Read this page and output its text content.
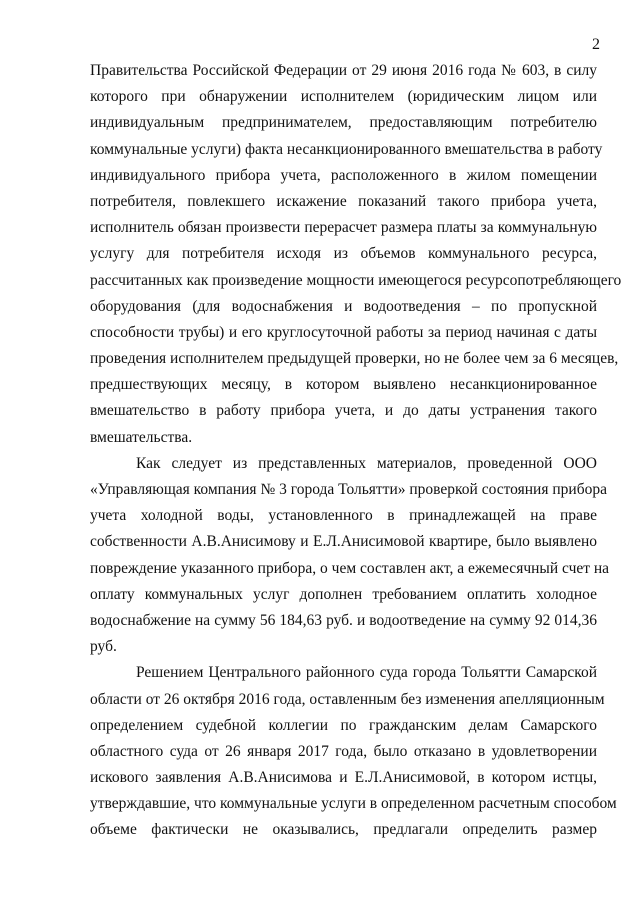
2
Правительства Российской Федерации от 29 июня 2016 года № 603, в силу
которого при обнаружении исполнителем (юридическим лицом или
индивидуальным предпринимателем, предоставляющим потребителю
коммунальные услуги) факта несанкционированного вмешательства в работу
индивидуального прибора учета, расположенного в жилом помещении
потребителя, повлекшего искажение показаний такого прибора учета,
исполнитель обязан произвести перерасчет размера платы за коммунальную
услугу для потребителя исходя из объемов коммунального ресурса,
рассчитанных как произведение мощности имеющегося ресурсопотребляющего
оборудования (для водоснабжения и водоотведения – по пропускной
способности трубы) и его круглосуточной работы за период начиная с даты
проведения исполнителем предыдущей проверки, но не более чем за 6 месяцев,
предшествующих месяцу, в котором выявлено несанкционированное
вмешательство в работу прибора учета, и до даты устранения такого
вмешательства.
Как следует из представленных материалов, проведенной ООО
«Управляющая компания № 3 города Тольятти» проверкой состояния прибора
учета холодной воды, установленного в принадлежащей на праве
собственности А.В.Анисимову и Е.Л.Анисимовой квартире, было выявлено
повреждение указанного прибора, о чем составлен акт, а ежемесячный счет на
оплату коммунальных услуг дополнен требованием оплатить холодное
водоснабжение на сумму 56 184,63 руб. и водоотведение на сумму 92 014,36
руб.
Решением Центрального районного суда города Тольятти Самарской
области от 26 октября 2016 года, оставленным без изменения апелляционным
определением судебной коллегии по гражданским делам Самарского
областного суда от 26 января 2017 года, было отказано в удовлетворении
искового заявления А.В.Анисимова и Е.Л.Анисимовой, в котором истцы,
утверждавшие, что коммунальные услуги в определенном расчетным способом
объеме фактически не оказывались, предлагали определить размер
